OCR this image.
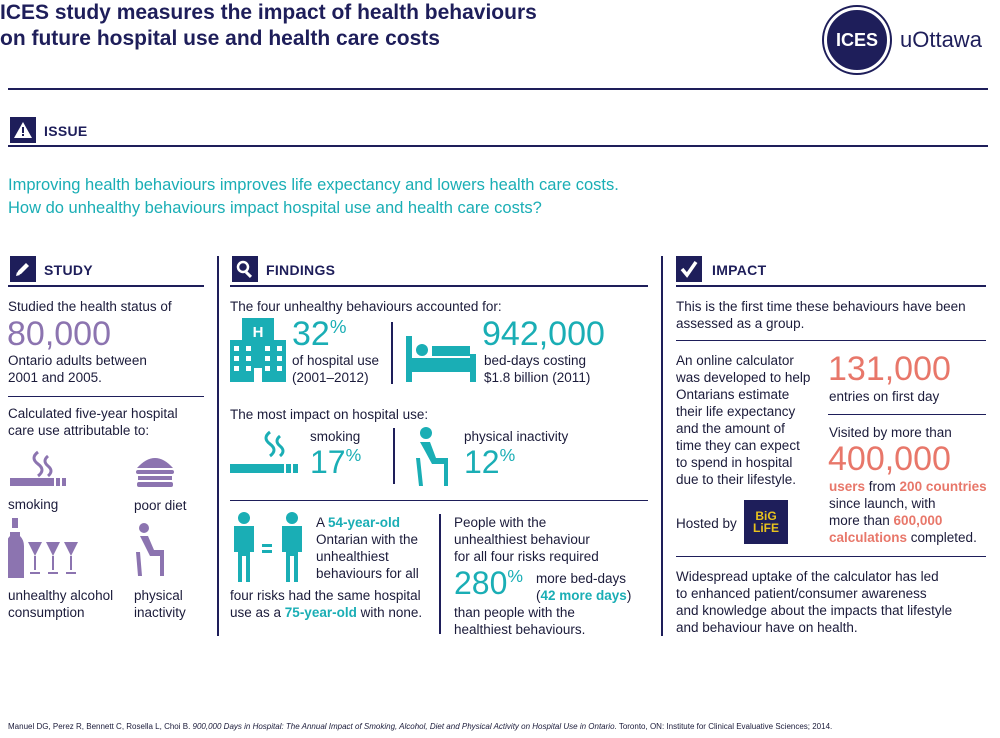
ICES study measures the impact of health behaviours
on future hospital use and health care costs	ICES uOttawa
ISSUE
Improving health behaviours improves life expectancy and lowers health care costs.
How do unhealthy behaviours impact hospital use and health care costs?
STUDY
Studied the health status of
80,000
Ontario adults between
2001 and 2005.
Calculated five-year hospital
care use attributable to:
smoking	poor diet
unhealthy alcohol
consumption
physical
inactivity
FINDINGS
The four unhealthy behaviours accounted for:
H 32%
of hospital use
(2001–2012)
942,000
bed-days costing
$1.8 billion (2011)
The most impact on hospital use:
smoking
17%
physical inactivity
12%
A 54-year-old
Ontarian with the
unhealthiest
behaviours for all
four risks had the same hospital
use as a 75-year-old with none.
People with the
unhealthiest behaviour
for all four risks required
280% more bed-days
(42 more days)
than people with the
healthiest behaviours.
IMPACT
This is the first time these behaviours have been
assessed as a group.
An online calculator
was developed to help
Ontarians estimate
their life expectancy
and the amount of
time they can expect
to spend in hospital
due to their lifestyle.
Hosted by BiG
LiFE
131,000
entries on first day
Visited by more than
400,000
users from 200 countries
since launch, with
more than 600,000
calculations completed.
Widespread uptake of the calculator has led
to enhanced patient/consumer awareness
and knowledge about the impacts that lifestyle
and behaviour have on health.
Manuel DG, Perez R, Bennett C, Rosella L, Choi B. 900,000 Days in Hospital: The Annual Impact of Smoking, Alcohol, Diet and Physical Activity on Hospital Use in Ontario. Toronto, ON: Institute for Clinical Evaluative Sciences; 2014.
